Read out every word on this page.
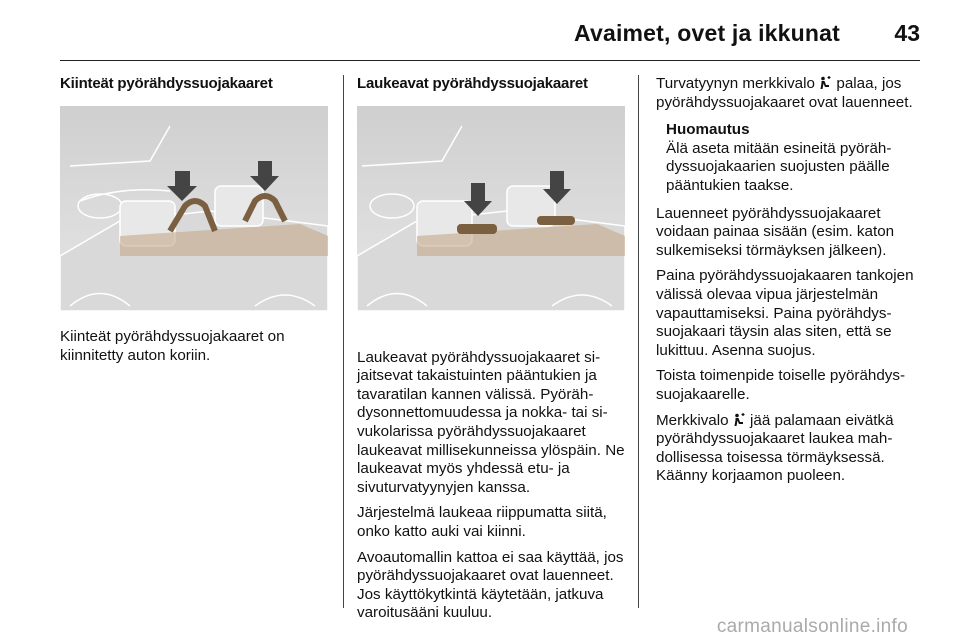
Avaimet, ovet ja ikkunat 43
Kiinteät pyörähdyssuojakaaret

Kiinteät pyörähdyssuojakaaret on kiinnitetty auton koriin.

Laukeavat pyörähdyssuojakaaret

Laukeavat pyörähdyssuojakaaret sijaitsevat takaistuinten pääntukien ja tavaratilan kannen välissä. Pyörähdysonnettomuudessa ja nokka- tai sivukolarissa pyörähdyssuojakaaret laukeavat millisekunneissa ylöspäin. Ne laukeavat myös yhdessä etu- ja sivuturvatyynyjen kanssa.

Järjestelmä laukeaa riippumatta siitä, onko katto auki vai kiinni.

Avoautomallin kattoa ei saa käyttää, jos pyörähdyssuojakaaret ovat lauenneet. Jos käyttökytkintä käytetään, jatkuva varoitusääni kuuluu.

Turvatyynyn merkkivalo  palaa, jos pyörähdyssuojakaaret ovat lauenneet.

Huomautus
Älä aseta mitään esineitä pyörähdyssuojakaarien suojusten päälle pääntukien taakse.

Lauenneet pyörähdyssuojakaaret voidaan painaa sisään (esim. katon sulkemiseksi törmäyksen jälkeen).

Paina pyörähdyssuojakaaren tankojen välissä olevaa vipua järjestelmän vapauttamiseksi. Paina pyörähdyssuojakaari täysin alas siten, että se lukittuu. Asenna suojus.

Toista toimenpide toiselle pyörähdyssuojakaarelle.

Merkkivalo  jää palamaan eivätkä pyörähdyssuojakaaret laukea mahdollisessa toisessa törmäyksessä. Käänny korjaamon puoleen.

carmanualsonline.info
